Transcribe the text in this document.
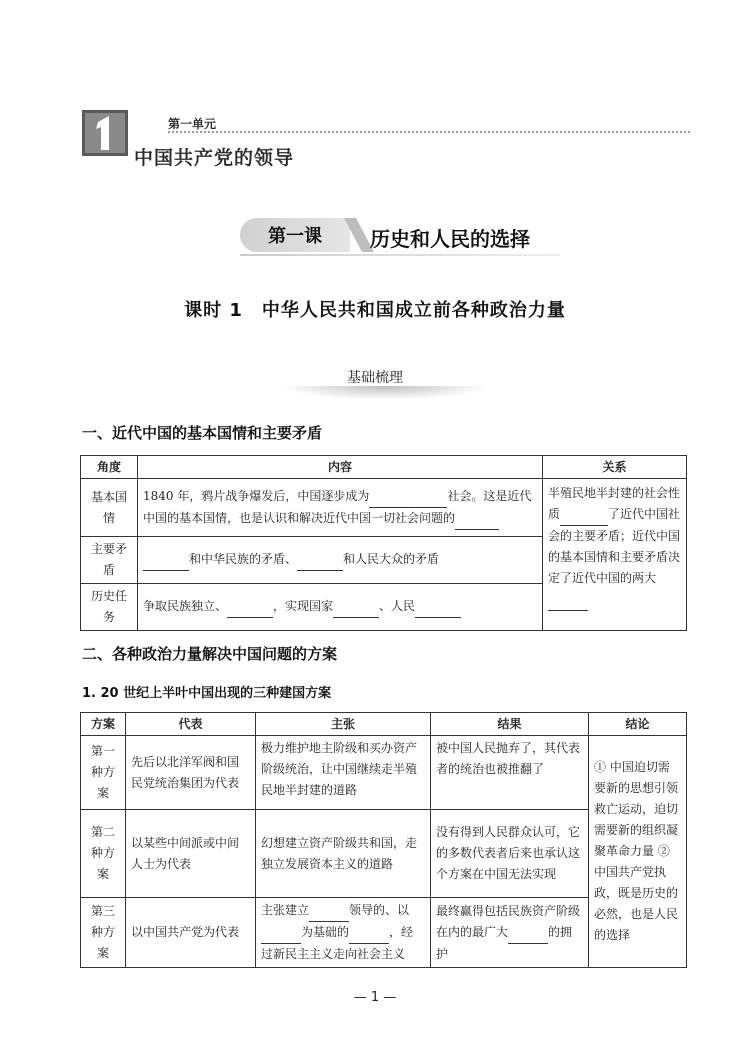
第一单元
中国共产党的领导
第一课	历史和人民的选择
课时 1　中华人民共和国成立前各种政治力量
基础梳理
一、近代中国的基本国情和主要矛盾
角度	内容	关系
基本国情	1840 年，鸦片战争爆发后，中国逐步成为 社会。这是近代中国的基本国情，也是认识和解决近代中国一切社会问题的	半殖民地半封建的社会性质 了近代中国社会的主要矛盾；近代中国的基本国情和主要矛盾决定了近代中国的两大
主要矛盾	和中华民族的矛盾、 和人民大众的矛盾	
历史任务	争取民族独立、 ，实现国家 、人民	
二、各种政治力量解决中国问题的方案
1. 20 世纪上半叶中国出现的三种建国方案
方案	代表	主张	结果	结论
第一种方案	先后以北洋军阀和国民党统治集团为代表	极力维护地主阶级和买办资产阶级统治，让中国继续走半殖民地半封建的道路	被中国人民抛弃了，其代表者的统治也被推翻了	① 中国迫切需要新的思想引领救亡运动，迫切需要新的组织凝聚革命力量 ② 中国共产党执政，既是历史的必然，也是人民的选择
第二种方案	以某些中间派或中间人士为代表	幻想建立资产阶级共和国，走独立发展资本主义的道路	没有得到人民群众认可，它的多数代表者后来也承认这个方案在中国无法实现	
第三种方案	以中国共产党为代表	主张建立 领导的、以 为基础的 ，经过新民主主义走向社会主义	最终赢得包括民族资产阶级在内的最广大 的拥护	
— 1 —
